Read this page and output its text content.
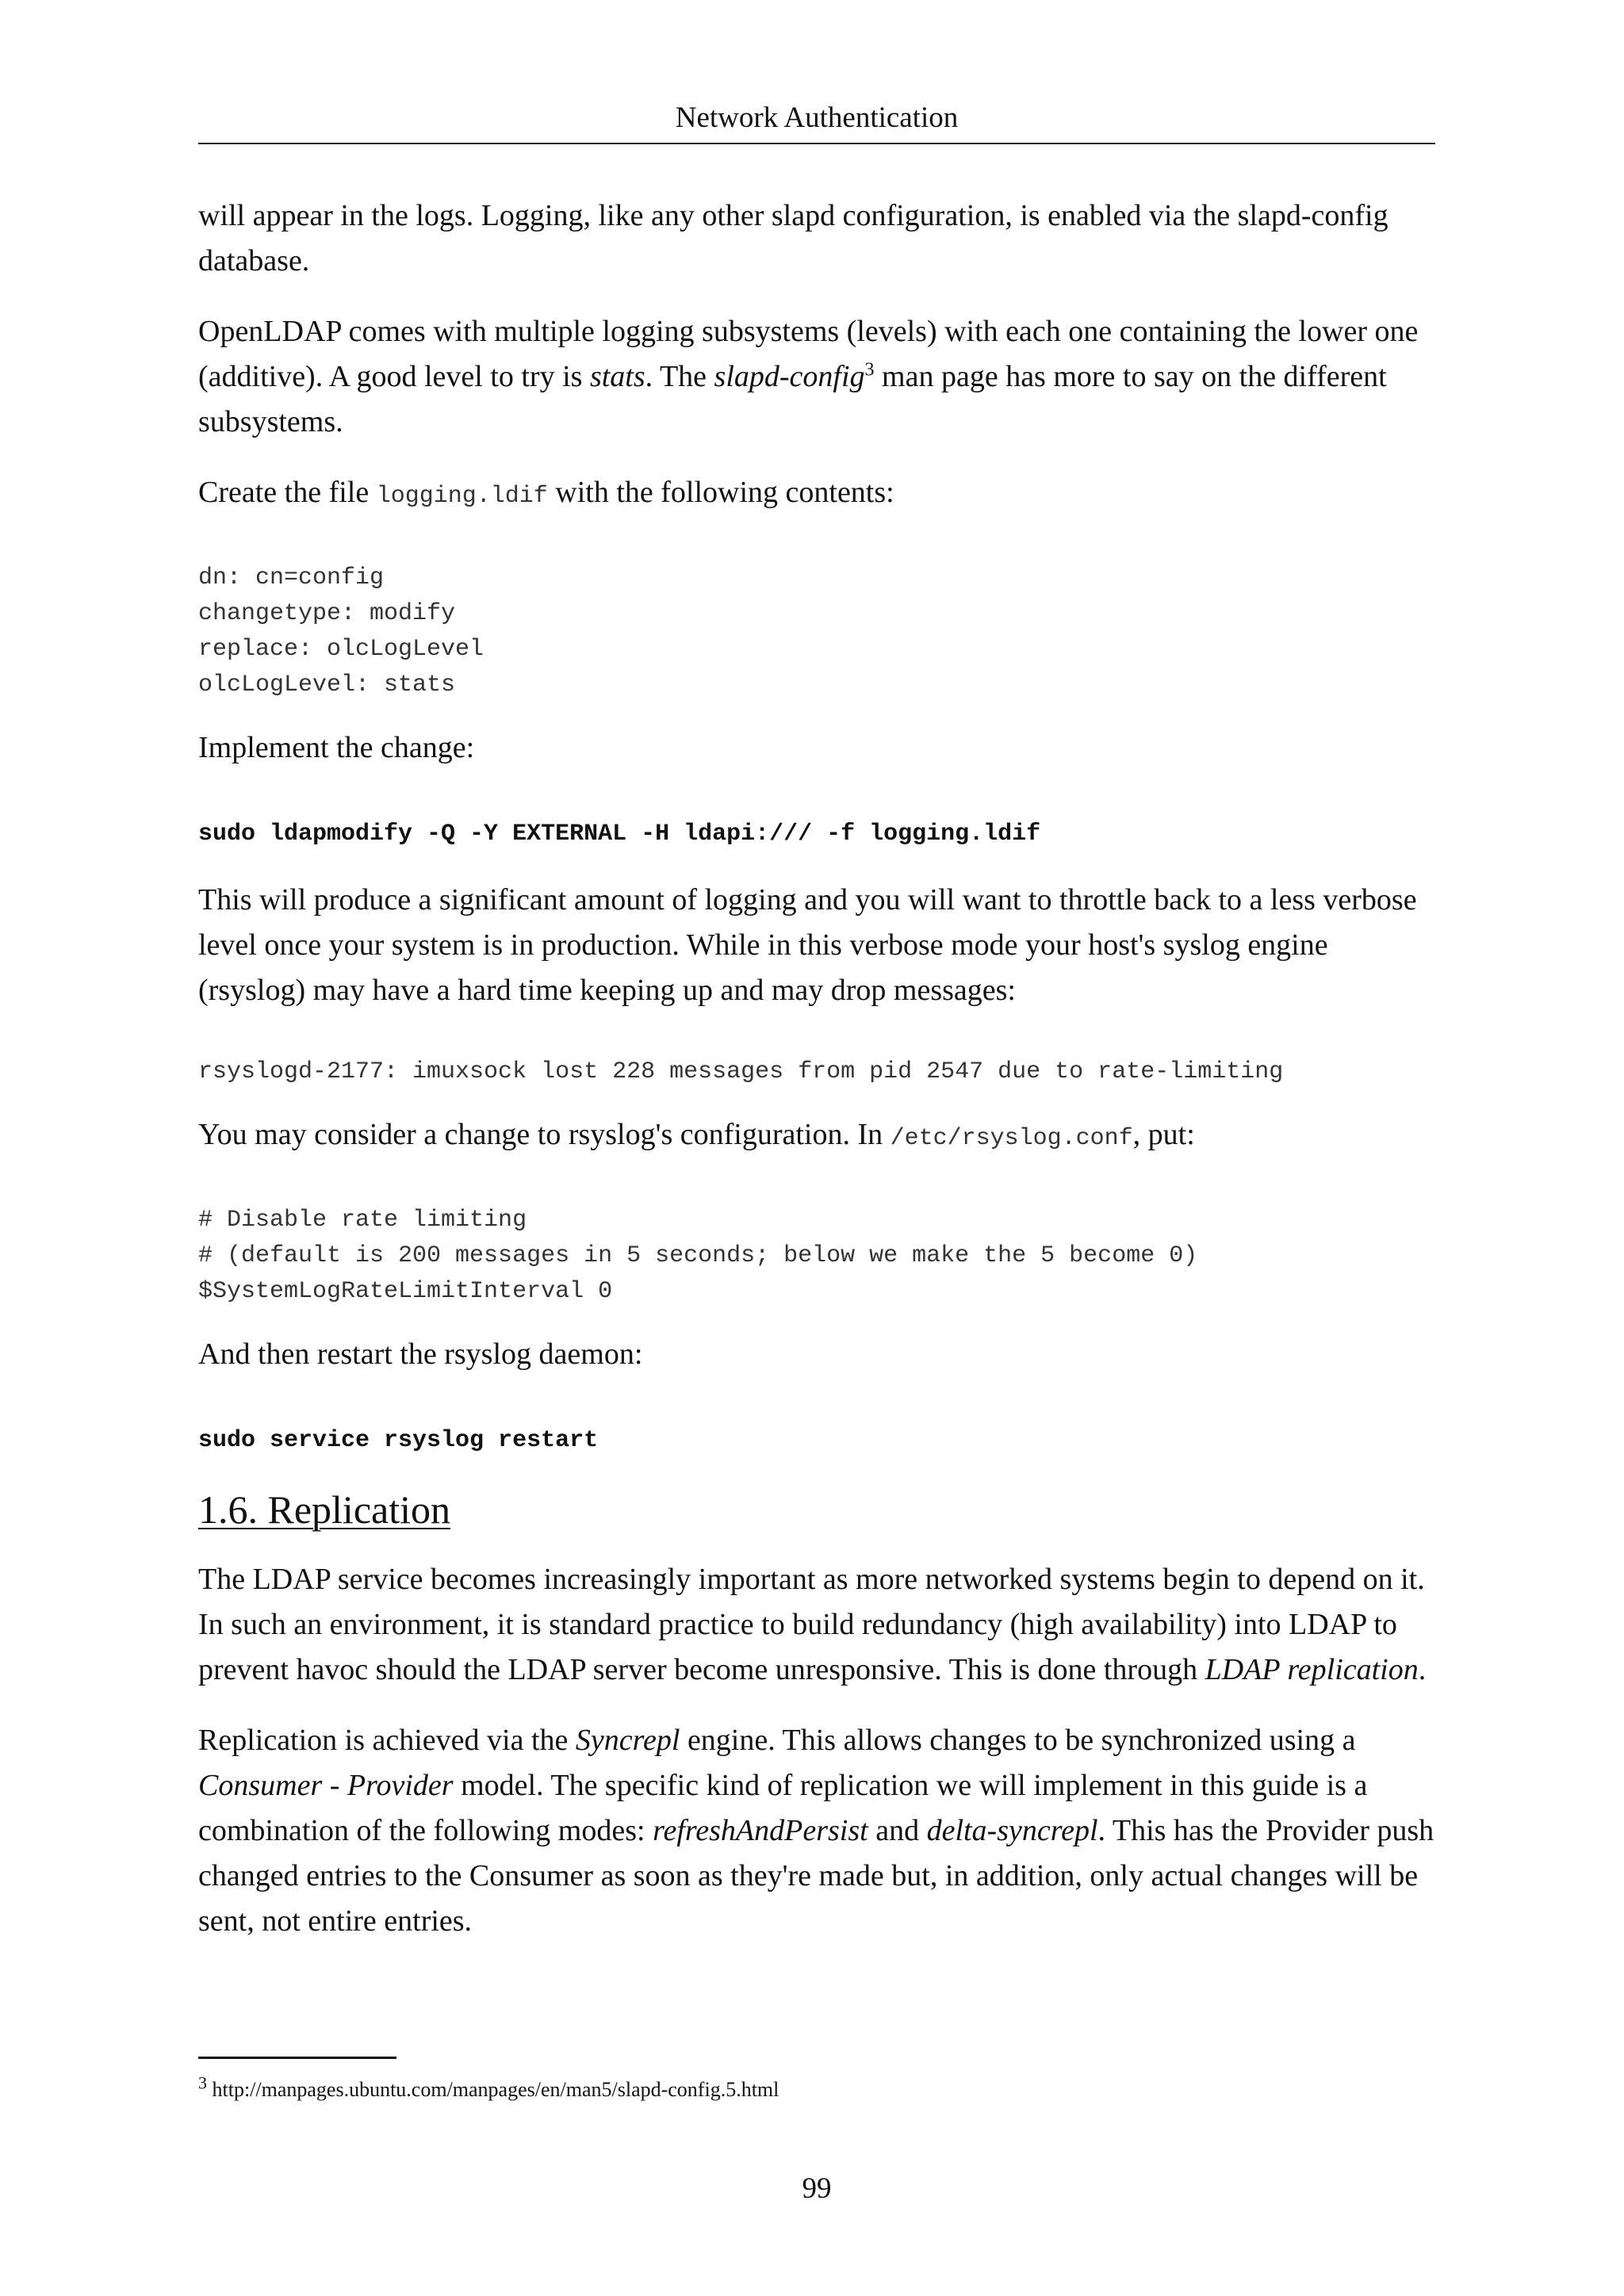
Network Authentication

will appear in the logs. Logging, like any other slapd configuration, is enabled via the slapd-config database.

OpenLDAP comes with multiple logging subsystems (levels) with each one containing the lower one (additive). A good level to try is stats. The slapd-config$^3$ man page has more to say on the different subsystems.

Create the file logging.ldif with the following contents:

dn: cn=config
changetype: modify
replace: olcLogLevel
olcLogLevel: stats

Implement the change:

sudo ldapmodify -Q -Y EXTERNAL -H ldapi:/// -f logging.ldif

This will produce a significant amount of logging and you will want to throttle back to a less verbose level once your system is in production. While in this verbose mode your host's syslog engine (rsyslog) may have a hard time keeping up and may drop messages:

rsyslogd-2177: imuxsock lost 228 messages from pid 2547 due to rate-limiting

You may consider a change to rsyslog's configuration. In /etc/rsyslog.conf, put:

# Disable rate limiting
# (default is 200 messages in 5 seconds; below we make the 5 become 0)
$SystemLogRateLimitInterval 0

And then restart the rsyslog daemon:

sudo service rsyslog restart
1.6. Replication

The LDAP service becomes increasingly important as more networked systems begin to depend on it. In such an environment, it is standard practice to build redundancy (high availability) into LDAP to prevent havoc should the LDAP server become unresponsive. This is done through LDAP replication.

Replication is achieved via the Syncrepl engine. This allows changes to be synchronized using a Consumer - Provider model. The specific kind of replication we will implement in this guide is a combination of the following modes: refreshAndPersist and delta-syncrepl. This has the Provider push changed entries to the Consumer as soon as they're made but, in addition, only actual changes will be sent, not entire entries.

$^3$ http://manpages.ubuntu.com/manpages/en/man5/slapd-config.5.html
99
